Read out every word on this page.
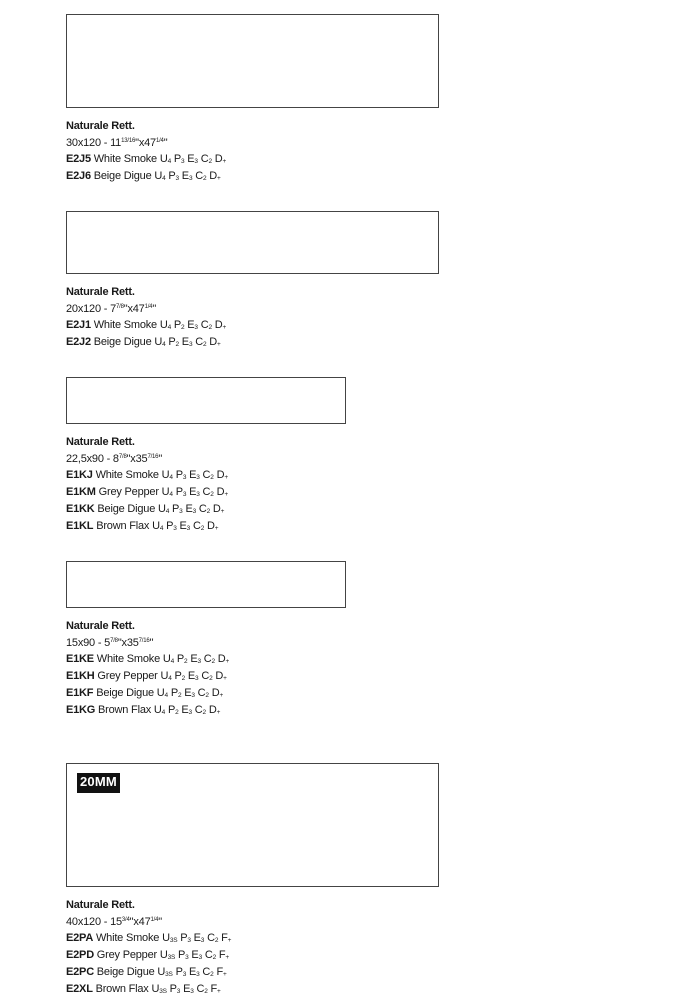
Naturale Rett.
$30x120 - 11^{13/16}"x47^{1/4}$"
E2J5 White Smoke $U_4$ $P_3$ $E_3$ $C_2$ $D_+$
E2J6 Beige Digue $U_4$ $P_3$ $E_3$ $C_2$ $D_+$
Naturale Rett.
$20x120 - 7^{7/8}"x47^{1/4}$"
E2J1 White Smoke $U_4$ $P_2$ $E_3$ $C_2$ $D_+$
E2J2 Beige Digue $U_4$ $P_2$ $E_3$ $C_2$ $D_+$
Naturale Rett.
$22,5x90 - 8^{7/8}"x35^{7/16}$"
E1KJ White Smoke $U_4$ $P_3$ $E_3$ $C_2$ $D_+$
E1KM Grey Pepper $U_4$ $P_3$ $E_3$ $C_2$ $D_+$
E1KK Beige Digue $U_4$ $P_3$ $E_3$ $C_2$ $D_+$
E1KL Brown Flax $U_4$ $P_3$ $E_3$ $C_2$ $D_+$
Naturale Rett.
$15x90 - 5^{7/8}"x35^{7/16}$"
E1KE White Smoke $U_4$ $P_2$ $E_3$ $C_2$ $D_+$
E1KH Grey Pepper $U_4$ $P_2$ $E_3$ $C_2$ $D_+$
E1KF Beige Digue $U_4$ $P_2$ $E_3$ $C_2$ $D_+$
E1KG Brown Flax $U_4$ $P_2$ $E_3$ $C_2$ $D_+$
20MM
Naturale Rett.
$40x120 - 15^{3/4}"x47^{1/4}$"
E2PA White Smoke $U_{3S}$ $P_3$ $E_3$ $C_2$ $F_+$
E2PD Grey Pepper $U_{3S}$ $P_3$ $E_3$ $C_2$ $F_+$
E2PC Beige Digue $U_{3S}$ $P_3$ $E_3$ $C_2$ $F_+$
E2XL Brown Flax $U_{3S}$ $P_3$ $E_3$ $C_2$ $F_+$
